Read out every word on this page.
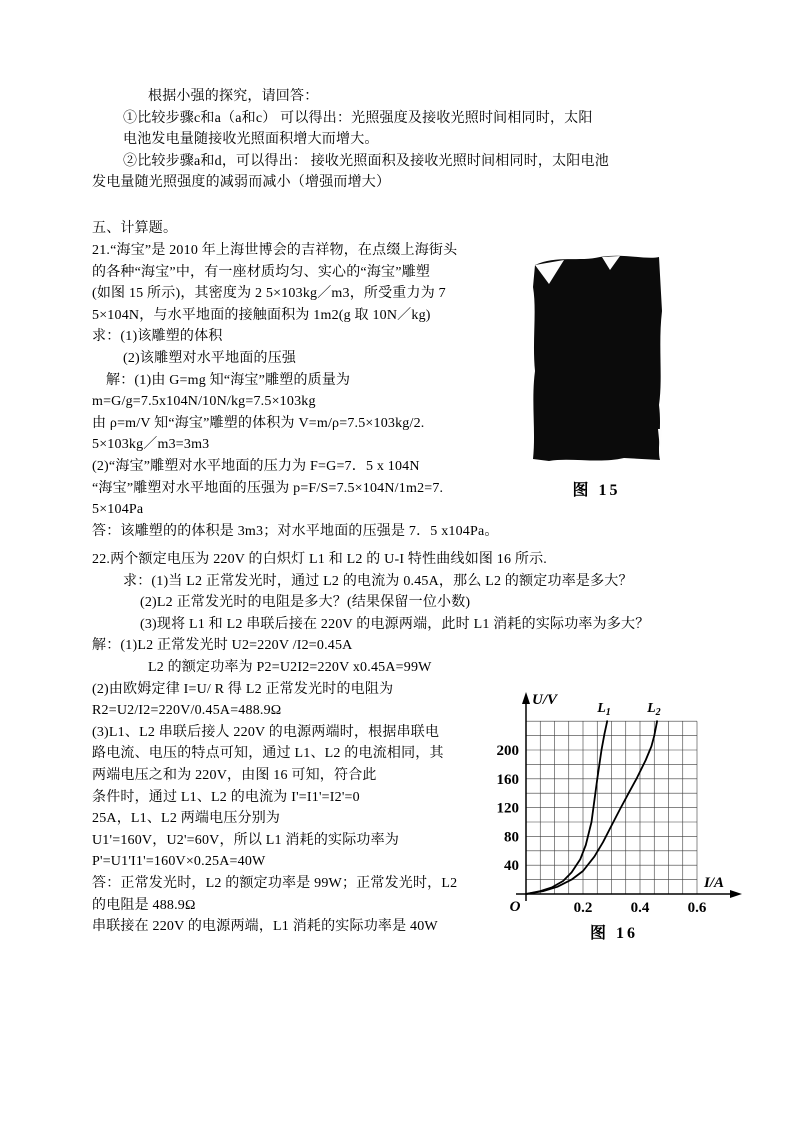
根据小强的探究，请回答：
①比较步骤c和a（a和c） 可以得出：光照强度及接收光照时间相同时，太阳
电池发电量随接收光照面积增大而增大。
②比较步骤a和d，可以得出： 接收光照面积及接收光照时间相同时，太阳电池
发电量随光照强度的减弱而减小（增强而增大）
五、计算题。
21.“海宝”是 2010 年上海世博会的吉祥物，在点缀上海街头
的各种“海宝”中，有一座材质均匀、实心的“海宝”雕塑
(如图 15 所示)，其密度为 2 5×103kg／m3，所受重力为 7
5×104N，与水平地面的接触面积为 1m2(g 取 10N／kg)
求：(1)该雕塑的体积
(2)该雕塑对水平地面的压强
解：(1)由 G=mg 知“海宝”雕塑的质量为
m=G/g=7.5x104N/10N/kg=7.5×103kg
由 ρ=m/V 知“海宝”雕塑的体积为 V=m/ρ=7.5×103kg/2.
5×103kg／m3=3m3
(2)“海宝”雕塑对水平地面的压力为 F=G=7．5 x 104N
“海宝”雕塑对水平地面的压强为 p=F/S=7.5×104N/1m2=7.
5×104Pa
答：该雕塑的的体积是 3m3；对水平地面的压强是 7．5 x104Pa。
图 15
22.两个额定电压为 220V 的白炽灯 L1 和 L2 的 U-I 特性曲线如图 16 所示.
求：(1)当 L2 正常发光时，通过 L2 的电流为 0.45A，那么 L2 的额定功率是多大？
(2)L2 正常发光时的电阻是多大？(结果保留一位小数)
(3)现将 L1 和 L2 串联后接在 220V 的电源两端，此时 L1 消耗的实际功率为多大？
解：(1)L2 正常发光时 U2=220V /I2=0.45A
L2 的额定功率为 P2=U2I2=220V x0.45A=99W
(2)由欧姆定律 I=U/ R 得 L2 正常发光时的电阻为
R2=U2/I2=220V/0.45A=488.9Ω
(3)L1、L2 串联后接人 220V 的电源两端时，根据串联电
路电流、电压的特点可知，通过 L1、L2 的电流相同，其
两端电压之和为 220V，由图 16 可知，符合此
条件时，通过 L1、L2 的电流为 I'=I1'=I2'=0
25A，L1、L2 两端电压分别为
U1'=160V，U2'=60V，所以 L1 消耗的实际功率为
P'=U1'I1'=160V×0.25A=40W
答：正常发光时，L2 的额定功率是 99W；正常发光时，L2
的电阻是 488.9Ω
串联接在 220V 的电源两端，L1 消耗的实际功率是 40W
40
80
120
160
200
0.2	0.4	0.6
O
U/V
I/A
$L_1$	$L_2$
图 16
